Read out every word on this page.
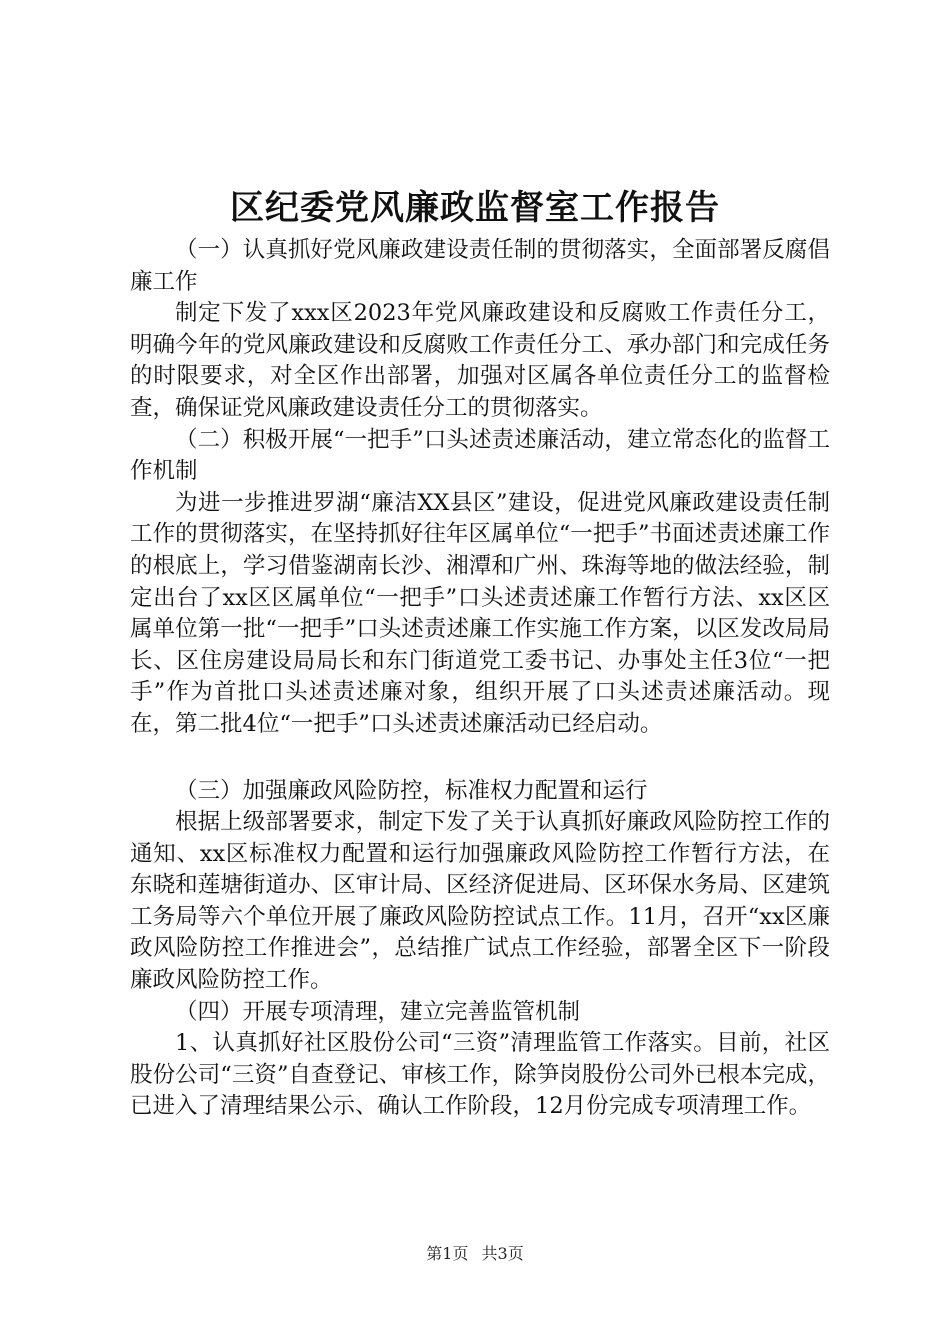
区纪委党风廉政监督室工作报告

（一）认真抓好党风廉政建设责任制的贯彻落实，全面部署反腐倡廉工作

制定下发了xxx区2023年党风廉政建设和反腐败工作责任分工，明确今年的党风廉政建设和反腐败工作责任分工、承办部门和完成任务的时限要求，对全区作出部署，加强对区属各单位责任分工的监督检查，确保证党风廉政建设责任分工的贯彻落实。

（二）积极开展“一把手”口头述责述廉活动，建立常态化的监督工作机制

为进一步推进罗湖“廉洁XX县区”建设，促进党风廉政建设责任制工作的贯彻落实，在坚持抓好往年区属单位“一把手”书面述责述廉工作的根底上，学习借鉴湖南长沙、湘潭和广州、珠海等地的做法经验，制定出台了xx区区属单位“一把手”口头述责述廉工作暂行方法、xx区区属单位第一批“一把手”口头述责述廉工作实施工作方案，以区发改局局长、区住房建设局局长和东门街道党工委书记、办事处主任3位“一把手”作为首批口头述责述廉对象，组织开展了口头述责述廉活动。现在，第二批4位“一把手”口头述责述廉活动已经启动。

（三）加强廉政风险防控，标准权力配置和运行

根据上级部署要求，制定下发了关于认真抓好廉政风险防控工作的通知、xx区标准权力配置和运行加强廉政风险防控工作暂行方法，在东晓和莲塘街道办、区审计局、区经济促进局、区环保水务局、区建筑工务局等六个单位开展了廉政风险防控试点工作。11月，召开“xx区廉政风险防控工作推进会”，总结推广试点工作经验，部署全区下一阶段廉政风险防控工作。

（四）开展专项清理，建立完善监管机制

1、认真抓好社区股份公司“三资”清理监管工作落实。目前，社区股份公司“三资”自查登记、审核工作，除笋岗股份公司外已根本完成，已进入了清理结果公示、确认工作阶段，12月份完成专项清理工作。

第1页 共3页
